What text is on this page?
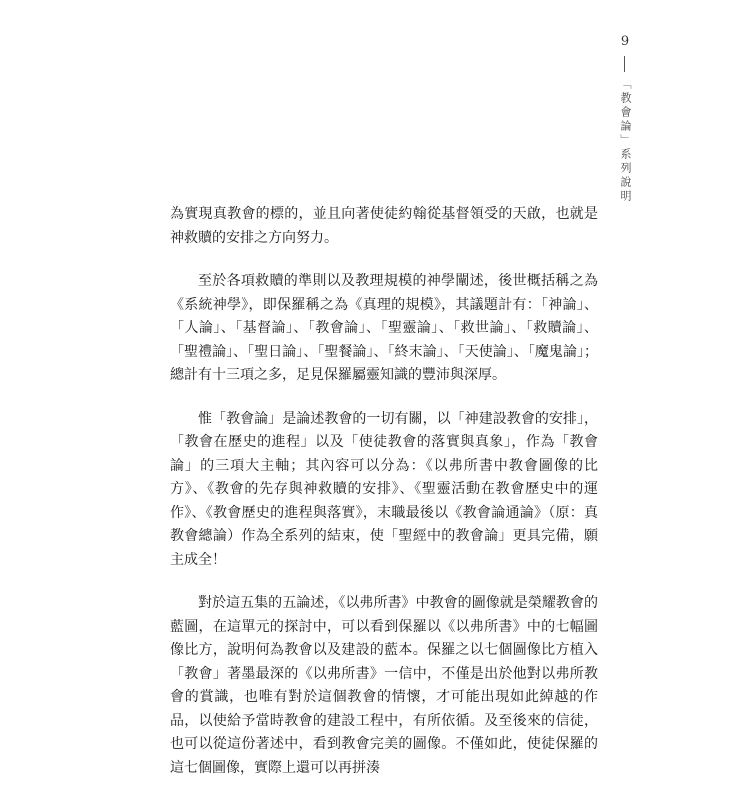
9
「教會論」系列說明

為實現真教會的標的，並且向著使徒約翰從基督領受的天啟，也就是神救贖的安排之方向努力。

至於各項救贖的準則以及教理規模的神學闡述，後世概括稱之為《系統神學》，即保羅稱之為《真理的規模》，其議題計有：「神論」、「人論」、「基督論」、「教會論」、「聖靈論」、「救世論」、「救贖論」、「聖禮論」、「聖日論」、「聖餐論」、「終末論」、「天使論」、「魔鬼論」；總計有十三項之多，足見保羅屬靈知識的豐沛與深厚。

惟「教會論」是論述教會的一切有關，以「神建設教會的安排」，「教會在歷史的進程」以及「使徒教會的落實與真象」，作為「教會論」的三項大主軸；其內容可以分為：《以弗所書中教會圖像的比方》、《教會的先存與神救贖的安排》、《聖靈活動在教會歷史中的運作》、《教會歷史的進程與落實》，末職最後以《教會論通論》（原：真教會總論）作為全系列的結束，使「聖經中的教會論」更具完備，願主成全！

對於這五集的五論述，《以弗所書》中教會的圖像就是榮耀教會的藍圖，在這單元的探討中，可以看到保羅以《以弗所書》中的七幅圖像比方，說明何為教會以及建設的藍本。保羅之以七個圖像比方植入「教會」著墨最深的《以弗所書》一信中，不僅是出於他對以弗所教會的賞識，也唯有對於這個教會的情懷，才可能出現如此綽越的作品，以使給予當時教會的建設工程中，有所依循。及至後來的信徒，也可以從這份著述中，看到教會完美的圖像。不僅如此，使徒保羅的這七個圖像，實際上還可以再拼湊
